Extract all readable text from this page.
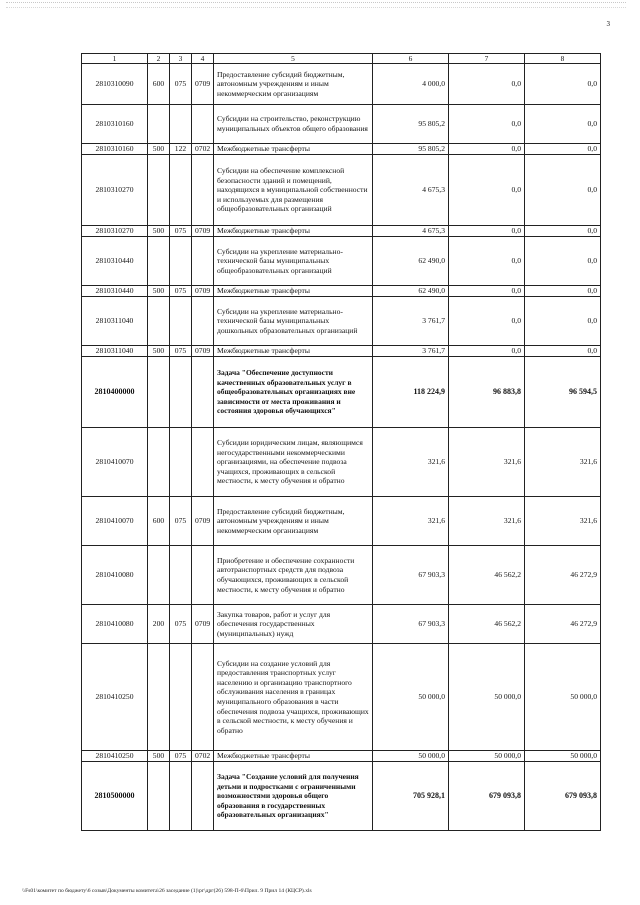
3
1	2	3	4	5	6	7	8
2810310090	600	075	0709	Предоставление субсидий бюджетным, автономным учреждениям и иным некоммерческим организациям	4 000,0	0,0	0,0
2810310160				Субсидии на строительство, реконструкцию муниципальных объектов общего образования	95 805,2	0,0	0,0
2810310160	500	122	0702	Межбюджетные трансферты	95 805,2	0,0	0,0
2810310270				Субсидии на обеспечение комплексной безопасности зданий и помещений, находящихся в муниципальной собственности и используемых для размещения общеобразовательных организаций	4 675,3	0,0	0,0
2810310270	500	075	0709	Межбюджетные трансферты	4 675,3	0,0	0,0
2810310440				Субсидии на укрепление материально-технической базы муниципальных общеобразовательных организаций	62 490,0	0,0	0,0
2810310440	500	075	0709	Межбюджетные трансферты	62 490,0	0,0	0,0
2810311040				Субсидии на укрепление материально-технической базы муниципальных дошкольных образовательных организаций	3 761,7	0,0	0,0
2810311040	500	075	0709	Межбюджетные трансферты	3 761,7	0,0	0,0
2810400000				Задача "Обеспечение доступности качественных образовательных услуг в общеобразовательных организациях вне зависимости от места проживания и состояния здоровья обучающихся"	118 224,9	96 883,8	96 594,5
2810410070				Субсидии юридическим лицам, являющимся негосударственными некоммерческими организациями, на обеспечение подвоза учащихся, проживающих в сельской местности, к месту обучения и обратно	321,6	321,6	321,6
2810410070	600	075	0709	Предоставление субсидий бюджетным, автономным учреждениям и иным некоммерческим организациям	321,6	321,6	321,6
2810410080				Приобретение и обеспечение сохранности автотранспортных средств для подвоза обучающихся, проживающих в сельской местности, к месту обучения и обратно	67 903,3	46 562,2	46 272,9
2810410080	200	075	0709	Закупка товаров, работ и услуг для обеспечения государственных (муниципальных) нужд	67 903,3	46 562,2	46 272,9
2810410250				Субсидии на создание условий для предоставления транспортных услуг населению и организацию транспортного обслуживания населения в границах муниципального образования в части обеспечения подвоза учащихся, проживающих в сельской местности, к месту обучения и обратно	50 000,0	50 000,0	50 000,0
2810410250	500	075	0702	Межбюджетные трансферты	50 000,0	50 000,0	50 000,0
2810500000				Задача "Создание условий для получения детьми и подростками с ограниченными возможностями здоровья общего образования в государственных образовательных организациях"	705 928,1	679 093,8	679 093,8
\\Fs01\комитет по бюджету\6 созыв\Документы комитета\26 заседание (1)\рг\дрг(26) 598-П-6\Прил. 9 Прил 14 (КЦСР).xls
